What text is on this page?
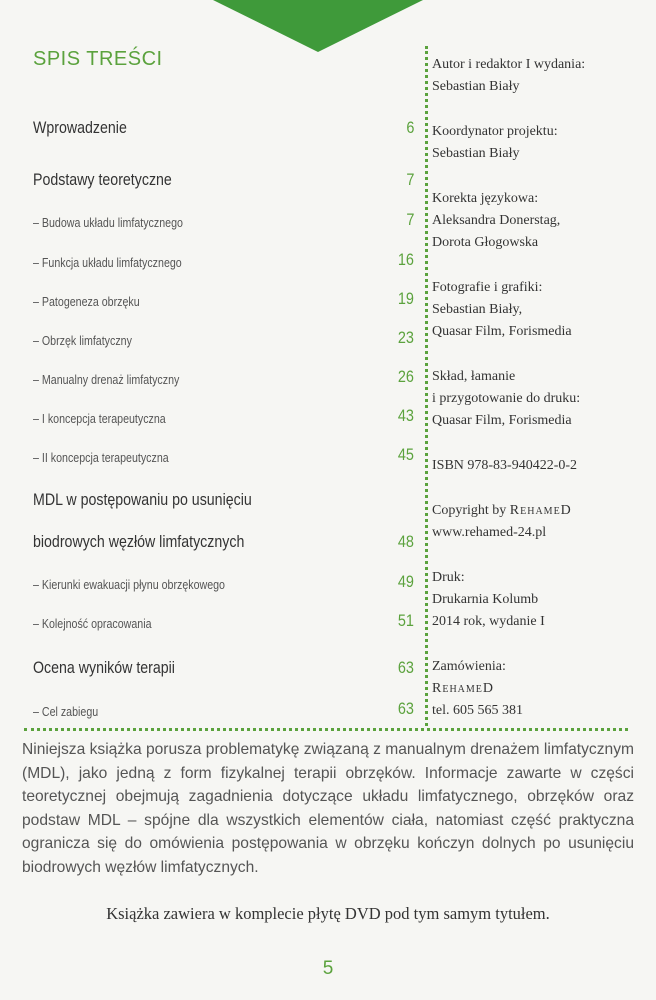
SPIS TREŚCI
Wprowadzenie	6
Podstawy teoretyczne	7
– Budowa układu limfatycznego	7
– Funkcja układu limfatycznego	16
– Patogeneza obrzęku	19
– Obrzęk limfatyczny	23
– Manualny drenaż limfatyczny	26
– I koncepcja terapeutyczna	43
– II koncepcja terapeutyczna	45
MDL w postępowaniu po usunięciu
biodrowych węzłów limfatycznych	48
– Kierunki ewakuacji płynu obrzękowego	49
– Kolejność opracowania	51
Ocena wyników terapii	63
– Cel zabiegu	63
Autor i redaktor I wydania:
Sebastian Biały
Koordynator projektu:
Sebastian Biały
Korekta językowa:
Aleksandra Donerstag,
Dorota Głogowska
Fotografie i grafiki:
Sebastian Biały,
Quasar Film, Forismedia
Skład, łamanie
i przygotowanie do druku:
Quasar Film, Forismedia
ISBN 978-83-940422-0-2
Copyright by RehameD
www.rehamed-24.pl
Druk:
Drukarnia Kolumb
2014 rok, wydanie I
Zamówienia:
RehameD
tel. 605 565 381
Niniejsza książka porusza problematykę związaną z manualnym drenażem limfatycznym (MDL), jako jedną z form fizykalnej terapii obrzęków. Informacje zawarte w części teoretycznej obejmują zagadnienia dotyczące układu limfatycznego, obrzęków oraz podstaw MDL – spójne dla wszystkich elementów ciała, natomiast część praktyczna ogranicza się do omówienia postępowania w obrzęku kończyn dolnych po usunięciu biodrowych węzłów limfatycznych.
Książka zawiera w komplecie płytę DVD pod tym samym tytułem.
5
